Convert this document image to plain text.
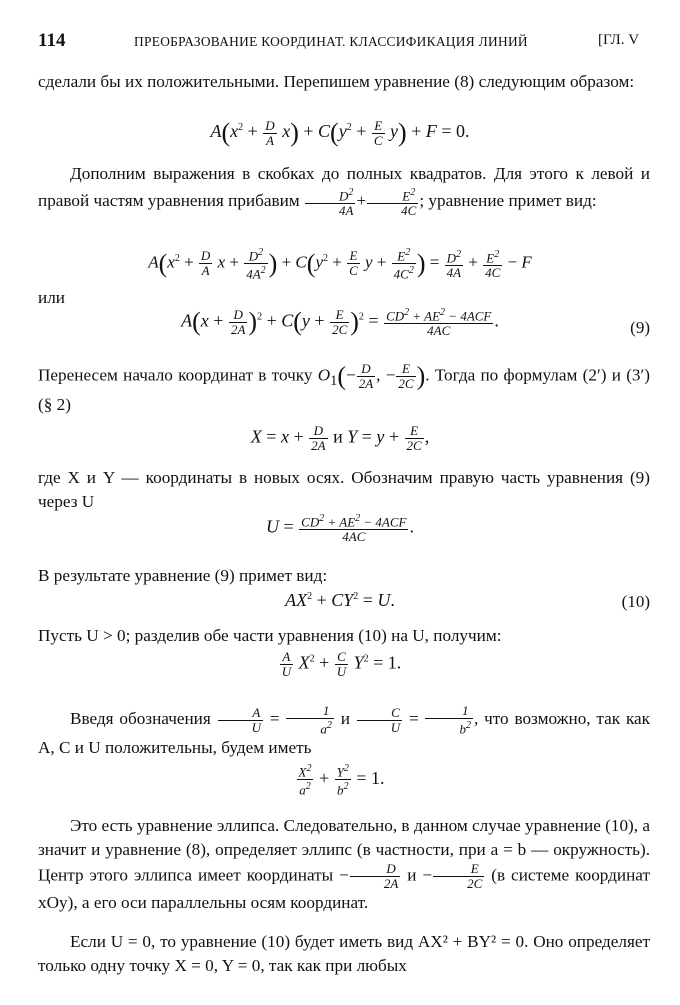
114	ПРЕОБРАЗОВАНИЕ КООРДИНАТ. КЛАССИФИКАЦИЯ ЛИНИЙ	[ГЛ. V
сделали бы их положительными. Перепишем уравнение (8) следующим образом:
$A(x^2 + \frac{D}{A} x) + C(y^2 + \frac{E}{C} y) + F = 0$.
Дополним выражения в скобках до полных квадратов. Для этого к левой и правой частям уравнения прибавим $\frac{D^2}{4A} + \frac{E^2}{4C}$ ; уравнение примет вид:
$A(x^2 + \frac{D}{A}$ $x + \frac{D^2}{4A^2}$ ) + $C(y^2 + \frac{E}{C}$ $y + \frac{E^2}{4C^2}$ ) = $\frac{D^2}{4A} + \frac{E^2}{4C} - F$
или
$A(x + \frac{D}{2A} )^2 + C(y + \frac{E}{2C} )^2 = \frac{CD^2 + AE^2 - 4ACF}{4AC}$ .	(9)
Перенесем начало координат в точку $O_1(- \frac{D}{2A}$ , − $\frac{E}{2C}$ ). Тогда по формулам (2′) и (3′) (§ 2)
$X = x + \frac{D}{2A}$ и $Y = y + \frac{E}{2C}$ ,
где X и Y — координаты в новых осях. Обозначим правую часть уравнения (9) через U
$U = \frac{CD^2 + AE^2 - 4ACF}{4AC}$ .
В результате уравнение (9) примет вид:
$AX^2 + CY^2 = U$.	(10)
Пусть U > 0; разделив обе части уравнения (10) на U, получим:
$\frac{A}{U} X^2 + \frac{C}{U} Y^2 = 1$.
Введя обозначения $\frac{A}{U} = \frac{1}{a^2}$ и $\frac{C}{U} = \frac{1}{b^2}$ , что возможно, так как A, C и U положительны, будем иметь
$\frac{X^2}{a^2} + \frac{Y^2}{b^2} = 1$.
Это есть уравнение эллипса. Следовательно, в данном случае уравнение (10), а значит и уравнение (8), определяет эллипс (в частности, при a = b — окружность). Центр этого эллипса имеет координаты − $\frac{D}{2A}$ $и - \frac{E}{2C} (в$ системе координат xOy), а его оси параллельны осям координат.
Если U = 0, то уравнение (10) будет иметь вид AX² + BY² = 0. Оно определяет только одну точку X = 0, Y = 0, так как при любых
